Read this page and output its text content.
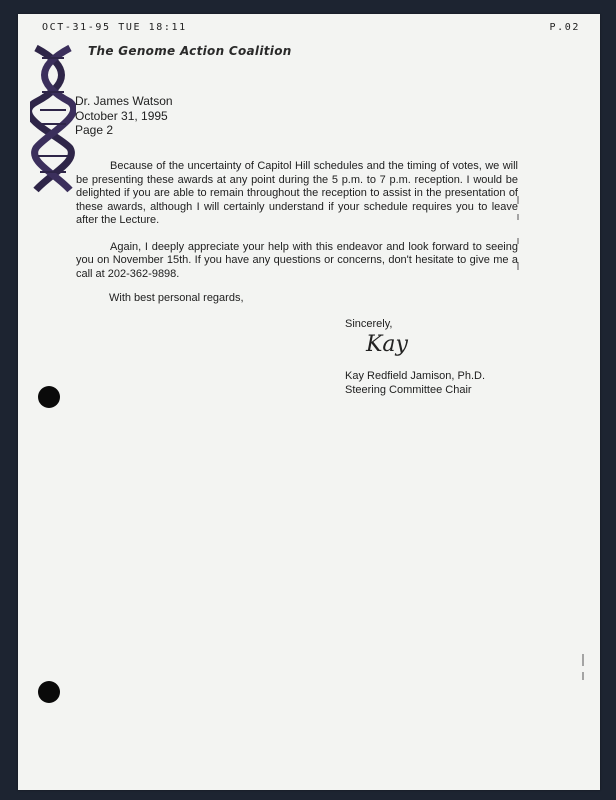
OCT-31-95 TUE 18:11	P.02
The Genome Action Coalition
Dr. James Watson
October 31, 1995
Page 2

Because of the uncertainty of Capitol Hill schedules and the timing of votes, we will be presenting these awards at any point during the 5 p.m. to 7 p.m. reception. I would be delighted if you are able to remain throughout the reception to assist in the presentation of these awards, although I will certainly understand if your schedule requires you to leave after the Lecture.

Again, I deeply appreciate your help with this endeavor and look forward to seeing you on November 15th. If you have any questions or concerns, don't hesitate to give me a call at 202-362-9898.

With best personal regards,
Sincerely,
Kay
Kay Redfield Jamison, Ph.D.
Steering Committee Chair
